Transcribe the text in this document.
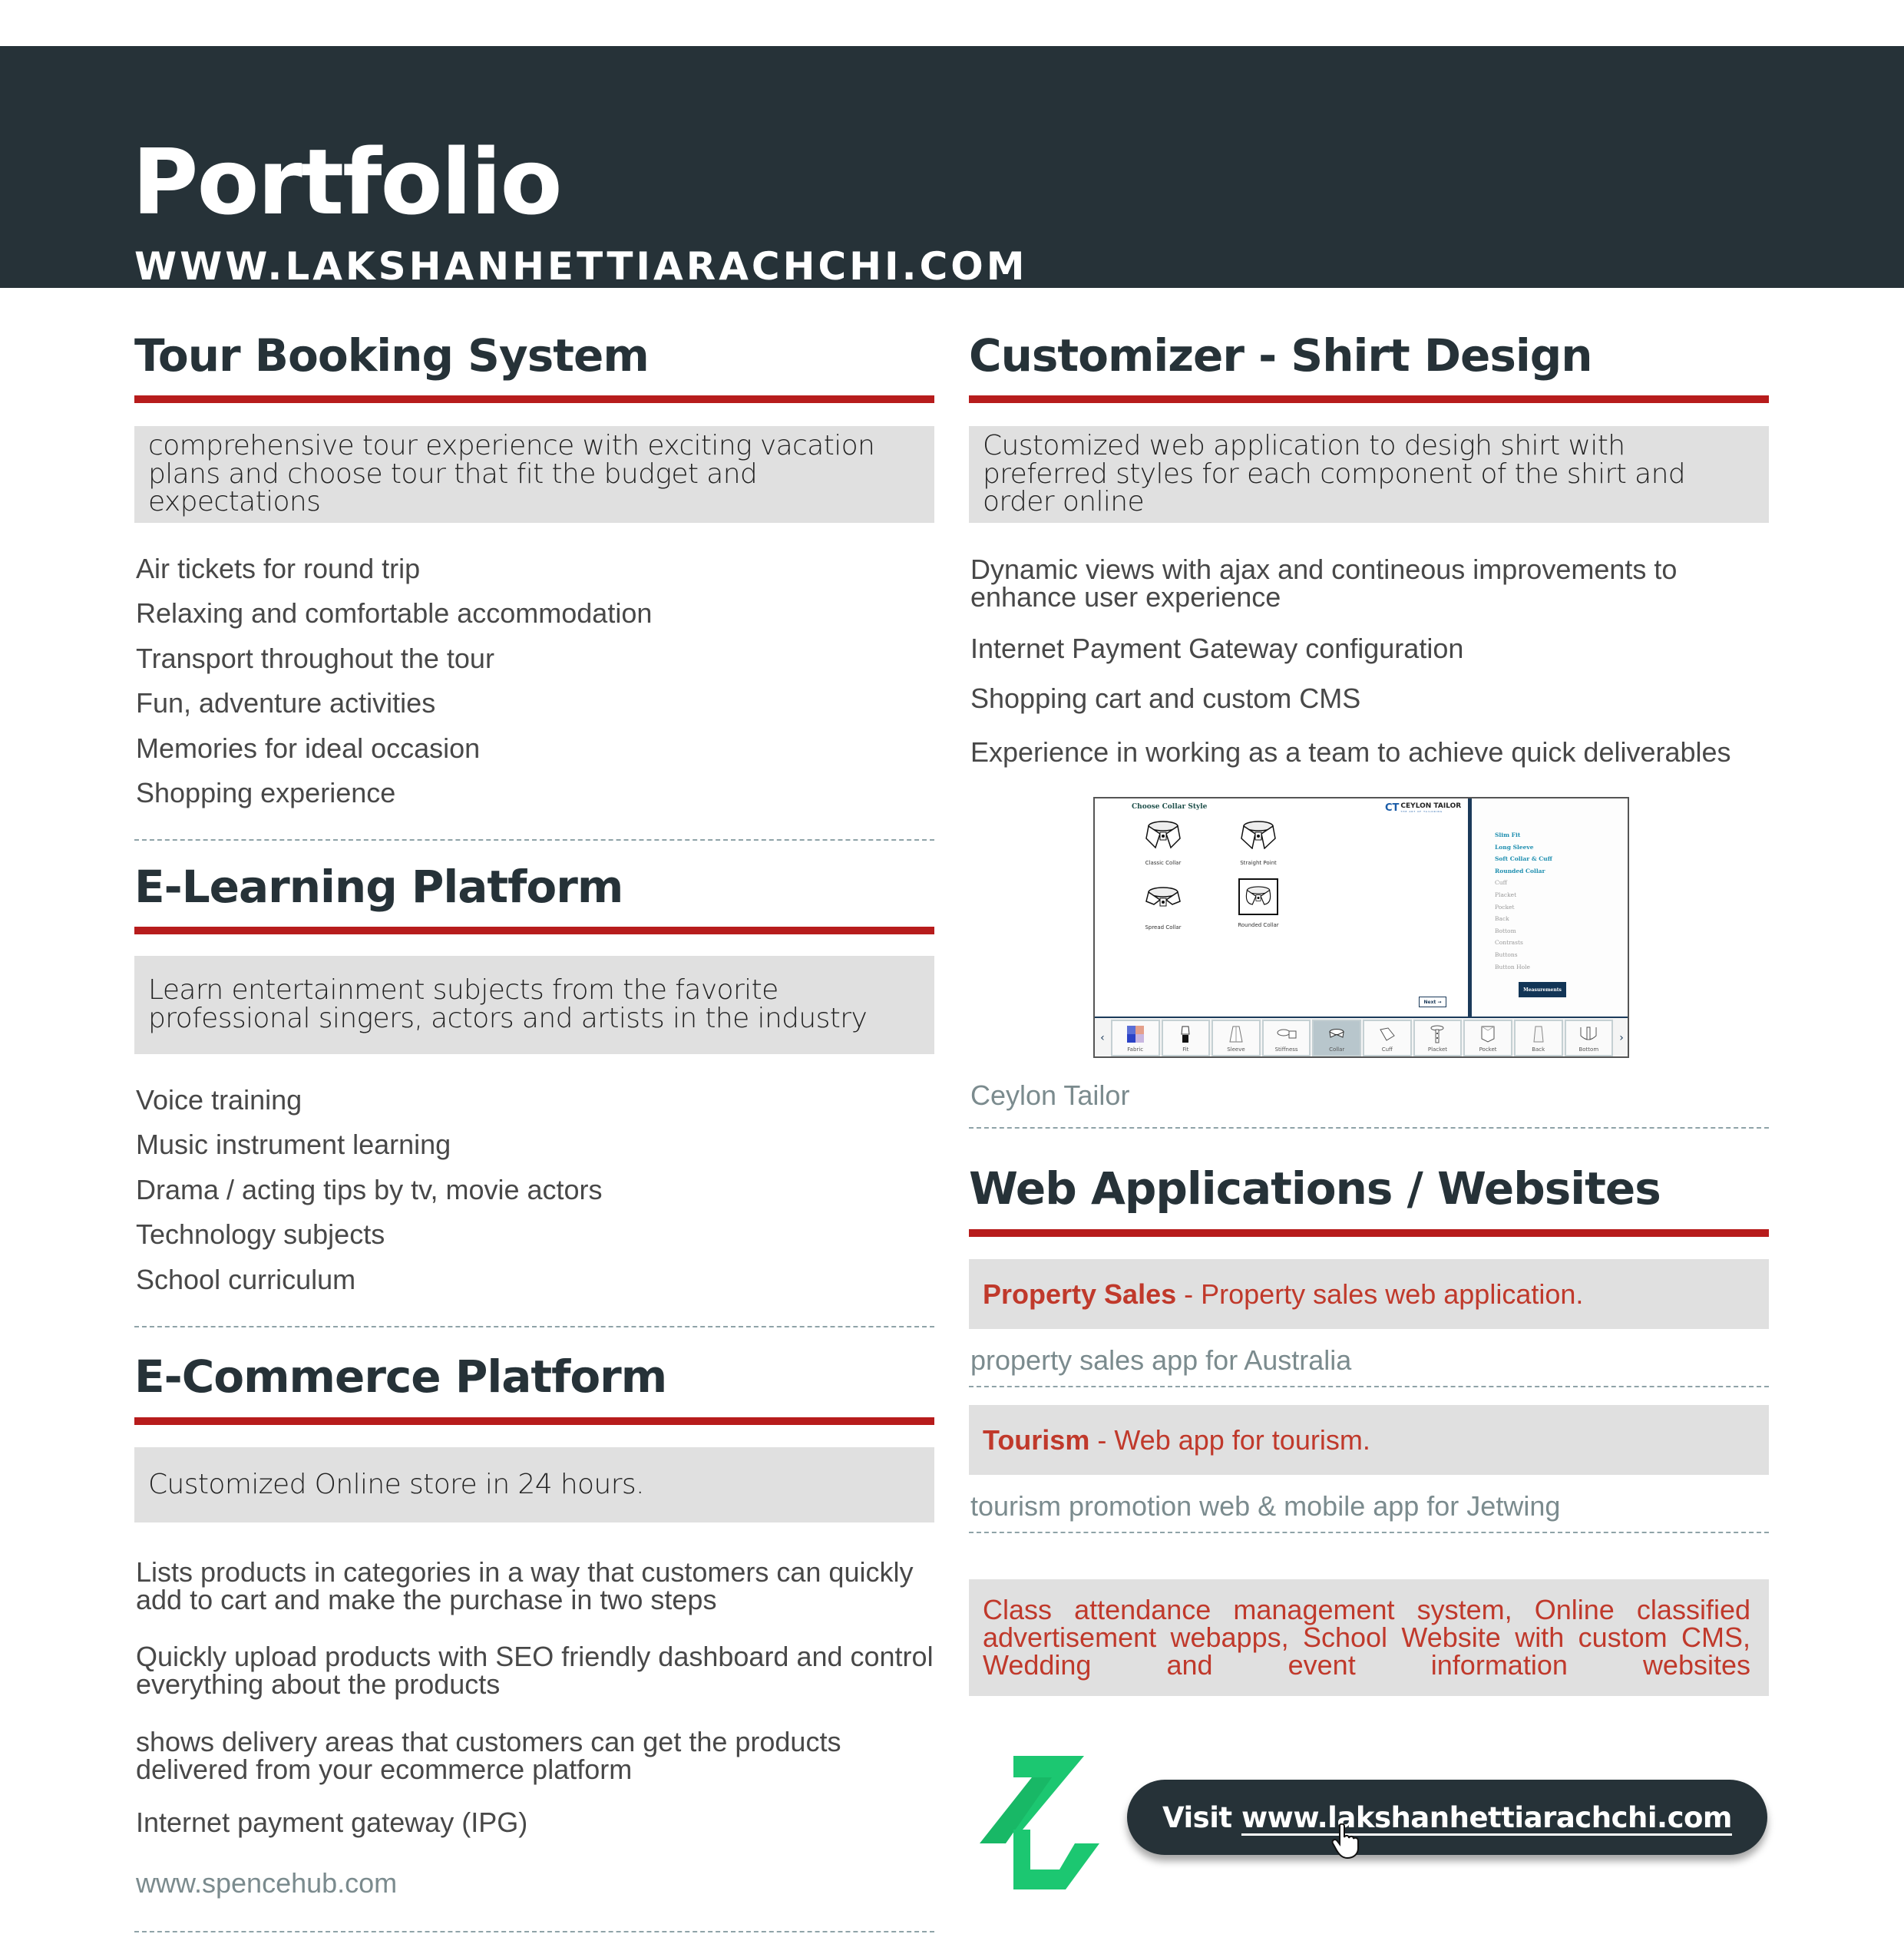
Portfolio
WWW.LAKSHANHETTIARACHCHI.COM
Tour Booking System
comprehensive tour experience with exciting vacation plans and choose tour that fit the budget and expectations
Air tickets for round trip
Relaxing and comfortable accommodation
Transport throughout the tour
Fun, adventure activities
Memories for ideal occasion
Shopping experience
E-Learning Platform
Learn entertainment subjects from the favorite professional singers, actors and artists in the industry
Voice training
Music instrument learning
Drama / acting tips by tv, movie actors
Technology subjects
School curriculum
E-Commerce Platform
Customized Online store in 24 hours.
Lists products in categories in a way that customers can quickly add to cart and make the purchase in two steps
Quickly upload products with SEO friendly dashboard and control everything about the products
shows delivery areas that customers can get the products delivered from your ecommerce platform
Internet payment gateway (IPG)
www.spencehub.com
Customizer - Shirt Design
Customized web application to desigh shirt with preferred styles for each component of the shirt and order online
Dynamic views with ajax and contineous improvements to enhance user experience
Internet Payment Gateway configuration
Shopping cart and custom CMS
Experience in working as a team to achieve quick deliverables
Ceylon Tailor
Web Applications / Websites
Property Sales - Property sales web application.
property sales app for Australia
Tourism - Web app for tourism.
tourism promotion web & mobile app for Jetwing
Class attendance management system, Online classified advertisement webapps, School Website with custom CMS, Wedding and event information websites
Choose Collar Style	CT CEYLON TAILOR
THE ART OF TAILORING
Classic Collar	Straight Point
Spread Collar	Rounded Collar
Next →
Slim Fit
Long Sleeve
Soft Collar & Cuff
Rounded Collar
Cuff
Placket
Pocket
Back
Bottom
Contrasts
Buttons
Button Hole
Measurements
‹
Fabric	Fit	Sleeve	Stiffness	Collar	Cuff	Placket	Pocket	Back	Bottom
›
Visit www.lakshanhettiarachchi.com
